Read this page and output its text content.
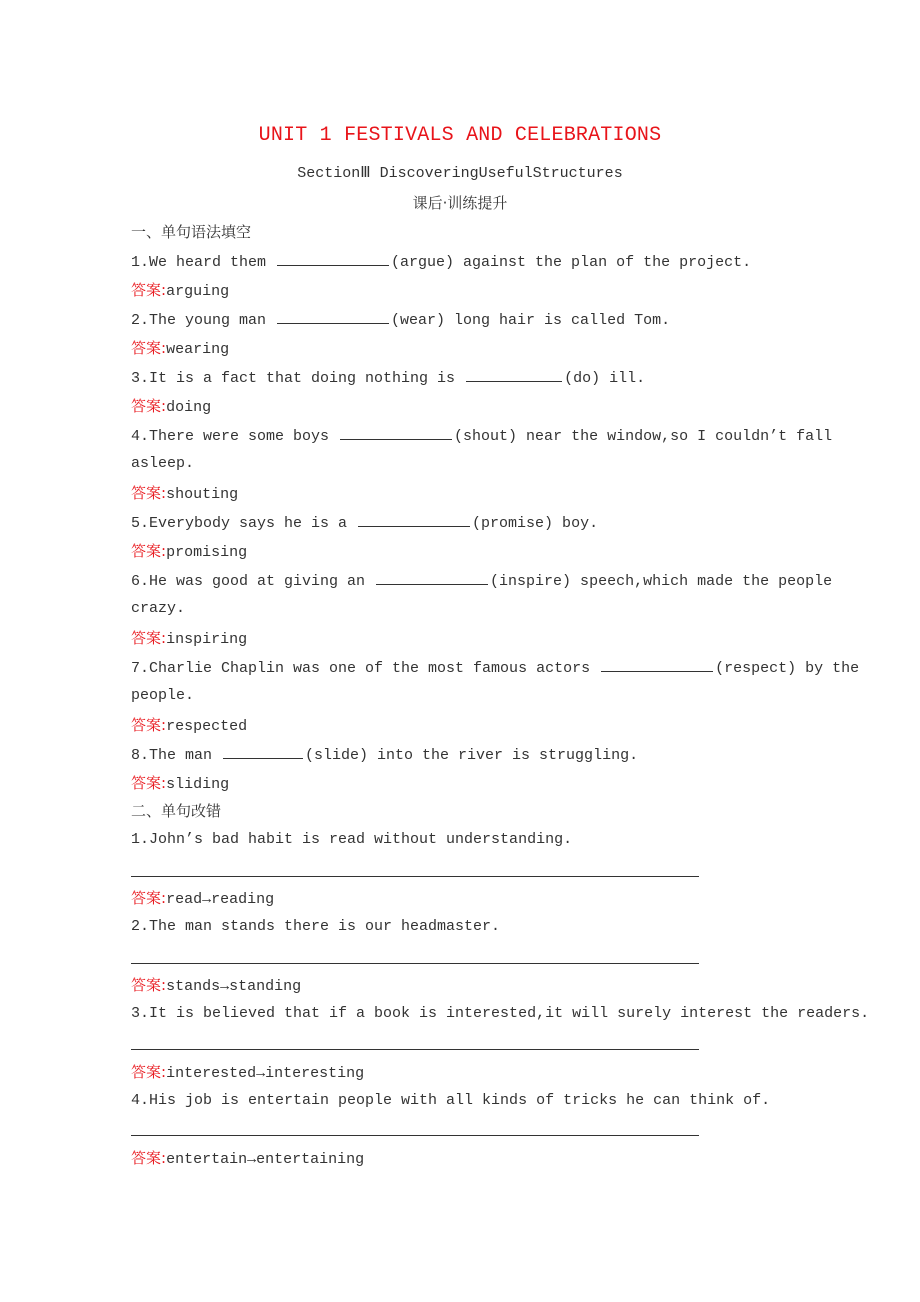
UNIT 1 FESTIVALS AND CELEBRATIONS
SectionⅢ DiscoveringUsefulStructures
课后·训练提升
一、单句语法填空
1.We heard them	(argue) against the plan of the project.
答案:arguing
2.The young man	(wear) long hair is called Tom.
答案:wearing
3.It is a fact that doing nothing is	(do) ill.
答案:doing
4.There were some boys	(shout) near the window,so I couldn’t fall
asleep.
答案:shouting
5.Everybody says he is a	(promise) boy.
答案:promising
6.He was good at giving an	(inspire) speech,which made the people
crazy.
答案:inspiring
7.Charlie Chaplin was one of the most famous actors	(respect) by the
people.
答案:respected
8.The man	(slide) into the river is struggling.
答案:sliding
二、单句改错
1.John’s bad habit is read without understanding.
答案:read→reading
2.The man stands there is our headmaster.
答案:stands→standing
3.It is believed that if a book is interested,it will surely interest the readers.
答案:interested→interesting
4.His job is entertain people with all kinds of tricks he can think of.
答案:entertain→entertaining
